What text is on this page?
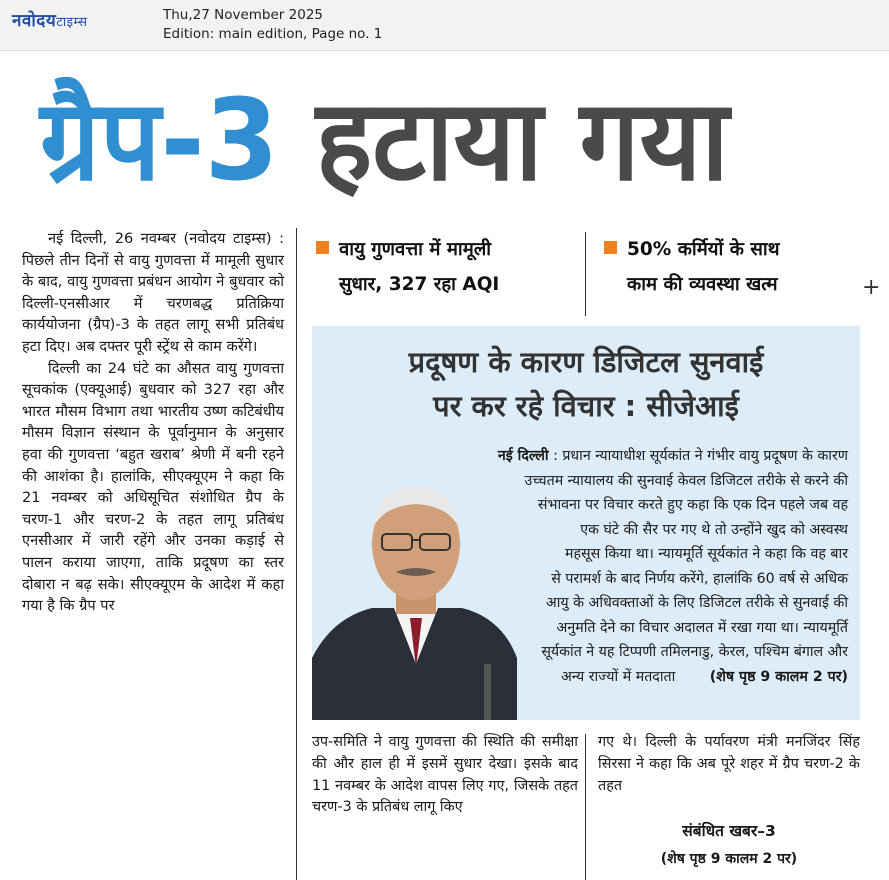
नवोदयटाइम्स	Thu,27 November 2025
Edition: main edition, Page no. 1
ग्रैप-3 हटाया गया

नई दिल्ली, 26 नवम्बर (नवोदय टाइम्स) : पिछले तीन दिनों से वायु गुणवत्ता में मामूली सुधार के बाद, वायु गुणवत्ता प्रबंधन आयोग ने बुधवार को दिल्ली-एनसीआर में चरणबद्ध प्रतिक्रिया कार्ययोजना (ग्रैप)-3 के तहत लागू सभी प्रतिबंध हटा दिए। अब दफ्तर पूरी स्ट्रेंथ से काम करेंगे।

दिल्ली का 24 घंटे का औसत वायु गुणवत्ता सूचकांक (एक्यूआई) बुधवार को 327 रहा और भारत मौसम विभाग तथा भारतीय उष्ण कटिबंधीय मौसम विज्ञान संस्थान के पूर्वानुमान के अनुसार हवा की गुणवत्ता ‘बहुत खराब’ श्रेणी में बनी रहने की आशंका है। हालांकि, सीएक्यूएम ने कहा कि 21 नवम्बर को अधिसूचित संशोधित ग्रैप के चरण-1 और चरण-2 के तहत लागू प्रतिबंध एनसीआर में जारी रहेंगे और उनका कड़ाई से पालन कराया जाएगा, ताकि प्रदूषण का स्तर दोबारा न बढ़ सके। सीएक्यूएम के आदेश में कहा गया है कि ग्रैप पर

वायु गुणवत्ता में मामूली
सुधार, 327 रहा AQI
50% कर्मियों के साथ
काम की व्यवस्था खत्म	+
प्रदूषण के कारण डिजिटल सुनवाई
पर कर रहे विचार : सीजेआई
नई दिल्ली : प्रधान न्यायाधीश सूर्यकांत ने गंभीर वायु प्रदूषण के कारण
उच्चतम न्यायालय की सुनवाई केवल डिजिटल तरीके से करने की
संभावना पर विचार करते हुए कहा कि एक दिन पहले जब वह
एक घंटे की सैर पर गए थे तो उन्होंने खुद को अस्वस्थ
महसूस किया था। न्यायमूर्ति सूर्यकांत ने कहा कि वह बार
से परामर्श के बाद निर्णय करेंगे, हालांकि 60 वर्ष से अधिक
आयु के अधिवक्ताओं के लिए डिजिटल तरीके से सुनवाई की
अनुमति देने का विचार अदालत में रखा गया था। न्यायमूर्ति
सूर्यकांत ने यह टिप्पणी तमिलनाडु, केरल, पश्चिम बंगाल और
अन्य राज्यों में मतदाता (शेष पृष्ठ 9 कालम 2 पर)
उप-समिति ने वायु गुणवत्ता की स्थिति की समीक्षा की और हाल ही में इसमें सुधार देखा। इसके बाद 11 नवम्बर के आदेश वापस लिए गए, जिसके तहत चरण-3 के प्रतिबंध लागू किए
गए थे। दिल्ली के पर्यावरण मंत्री मनजिंदर सिंह सिरसा ने कहा कि अब पूरे शहर में ग्रैप चरण-2 के तहत
संबंधित खबर–3
(शेष पृष्ठ 9 कालम 2 पर)
